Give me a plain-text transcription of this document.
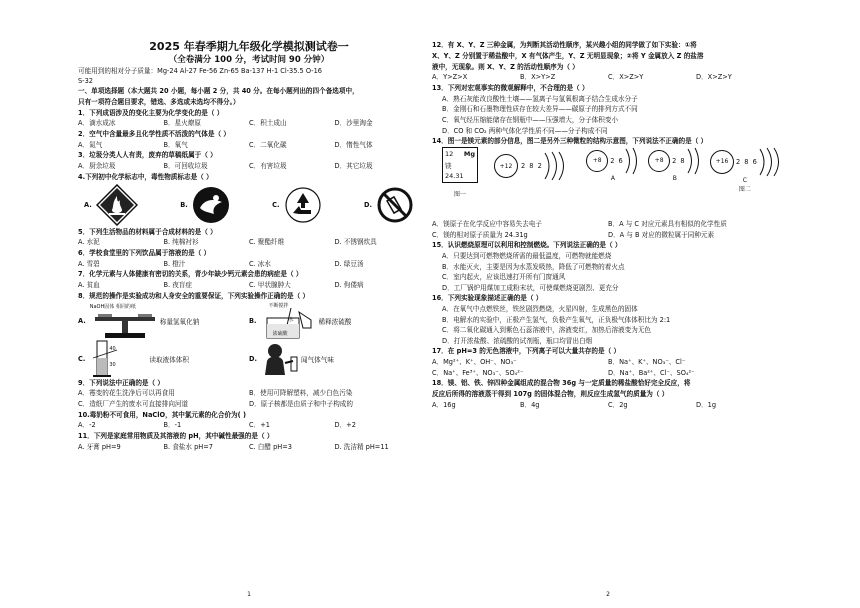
2025 年春季期九年级化学模拟测试卷一
（全卷满分 100 分，考试时间 90 分钟）
可能用到的相对分子质量：Mg-24 Al-27 Fe-56 Zn-65 Ba-137 H-1 Cl-35.5 O-16
S-32
一、单项选择题（本大题共 20 小题，每小题 2 分，共 40 分。在每小题列出的四个备选项中，
只有一项符合题目要求，错选、多选或未选均不得分。）
1．下列成语涉及的变化主要为化学变化的是（ ）
A．滴水成冰	B．星火燎原	C．积土成山	D．沙里淘金
2．空气中含量最多且化学性质不活泼的气体是（ ）
A．氮气	B．氧气	C．二氧化碳	D．惰性气体
3．垃圾分类人人有责，废弃的草稿纸属于（ ）
A．厨余垃圾	B．可回收垃圾	C．有害垃圾	D．其它垃圾
4.下列初中化学标志中，毒性物质标志是（ ）
A.	B.	C.	D.
5．下列生活物品的材料属于合成材料的是（ ）
A. 水泥	B. 纯棉衬衫	C. 聚酯纤维	D. 不锈钢炊具
6．学校食堂里的下列饮品属于溶液的是（ ）
A. 雪碧	B. 橙汁	C. 冰水	D. 绿豆汤
7．化学元素与人体健康有密切的关系，青少年缺少钙元素会患的病症是（ ）
A. 贫血	B. 夜盲症	C. 甲状腺肿大	D. 佝偻病
8．规范的操作是实验成功和人身安全的重要保证，下列实验操作正确的是（ ）
A.
NaOH固体 相同的纸
称量氢氧化钠
C.
40
30
读取液体体积
B.
不断搅拌
水
浓硫酸
稀释浓硫酸
D.	闻气体气味
9．下列说法中正确的是（ ）
A．霉变的花生洗净后可以再食用	B．使用可降解塑料，减少白色污染
C．造纸厂产生的废水可直接排向河道	D．原子核都是由质子和中子构成的
10.毒奶粉不可食用，NaClO，其中氯元素的化合价为( )
A．-2	B．-1	C．+1	D．+2
11．下列是家庭常用物质及其溶液的 pH，其中碱性最强的是（ ）
A. 牙膏 pH=9	B. 食盐水 pH=7	C. 白醋 pH=3	D. 洗洁精 pH=11
1
12．有 X、Y、Z 三种金属，为判断其活动性顺序，某兴趣小组的同学做了如下实验：①将
X、Y、Z 分别置于稀盐酸中，X 有气体产生，Y、Z 无明显现象；②将 Y 金属放入 Z 的盐溶
液中，无现象。则 X、Y、Z 的活动性顺序为（ ）
A．Y>Z>X	B．X>Y>Z	C．X>Z>Y	D．X>Z>Y
13．下列对宏观事实的微观解释中，不合理的是（ ）
A．熟石灰能改良酸性土壤——氢离子与氢氧根离子结合生成水分子
B．金刚石和石墨物理性质存在较大差异——碳原子的排列方式不同
C．氧气经压缩能储存在钢瓶中——压强增大，分子体积变小
D．CO 和 CO₂ 两种气体化学性质不同——分子构成不同
14．图一是镁元素的部分信息，图二是另外三种微粒的结构示意图，下列说法不正确的是（ ）
12 Mg
镁
24.31
图一
+12	2 8 2
+8	2 6
A
+8	2 8
B
+16	2 8 6
C
图二
A．镁原子在化学反应中容易失去电子	B．A 与 C 对应元素具有相似的化学性质
C．镁的相对原子质量为 24.31g	D．A 与 B 对应的微粒属于同种元素
15．认识燃烧原理可以利用和控制燃烧。下列说法正确的是（ ）
A．只要达到可燃物燃烧所需的最低温度，可燃物就能燃烧
B．水能灭火，主要是因为水蒸发吸热，降低了可燃物的着火点
C．室内起火，应该迅速打开所有门窗通风
D．工厂锅炉用煤加工成粉末状，可使煤燃烧更剧烈、更充分
16．下列实验现象描述正确的是（ ）
A．在氧气中点燃铁丝，铁丝剧烈燃烧，火星四射，生成黑色的固体
B．电解水的实验中，正极产生氢气，负极产生氧气，正负极气体体积比为 2:1
C．将二氧化碳通入到紫色石蕊溶液中，溶液变红，加热后溶液变为无色
D．打开浓盐酸、浓硫酸的试剂瓶，瓶口均冒出白烟
17．在 pH=3 的无色溶液中，下列离子可以大量共存的是（ ）
A．Mg²⁺、K⁺、OH⁻、NO₃⁻	B．Na⁺、K⁺、NO₃⁻、Cl⁻
C．Na⁺、Fe³⁺、NO₃⁻、SO₄²⁻	D．Na⁺、Ba²⁺、Cl⁻、SO₄²⁻
18．镁、铝、铁、锌四种金属组成的混合物 36g 与一定质量的稀盐酸恰好完全反应，将
反应后所得的溶液蒸干得到 107g 的固体混合物，则反应生成氢气的质量为（ ）
A．16g	B．4g	C．2g	D．1g
2
